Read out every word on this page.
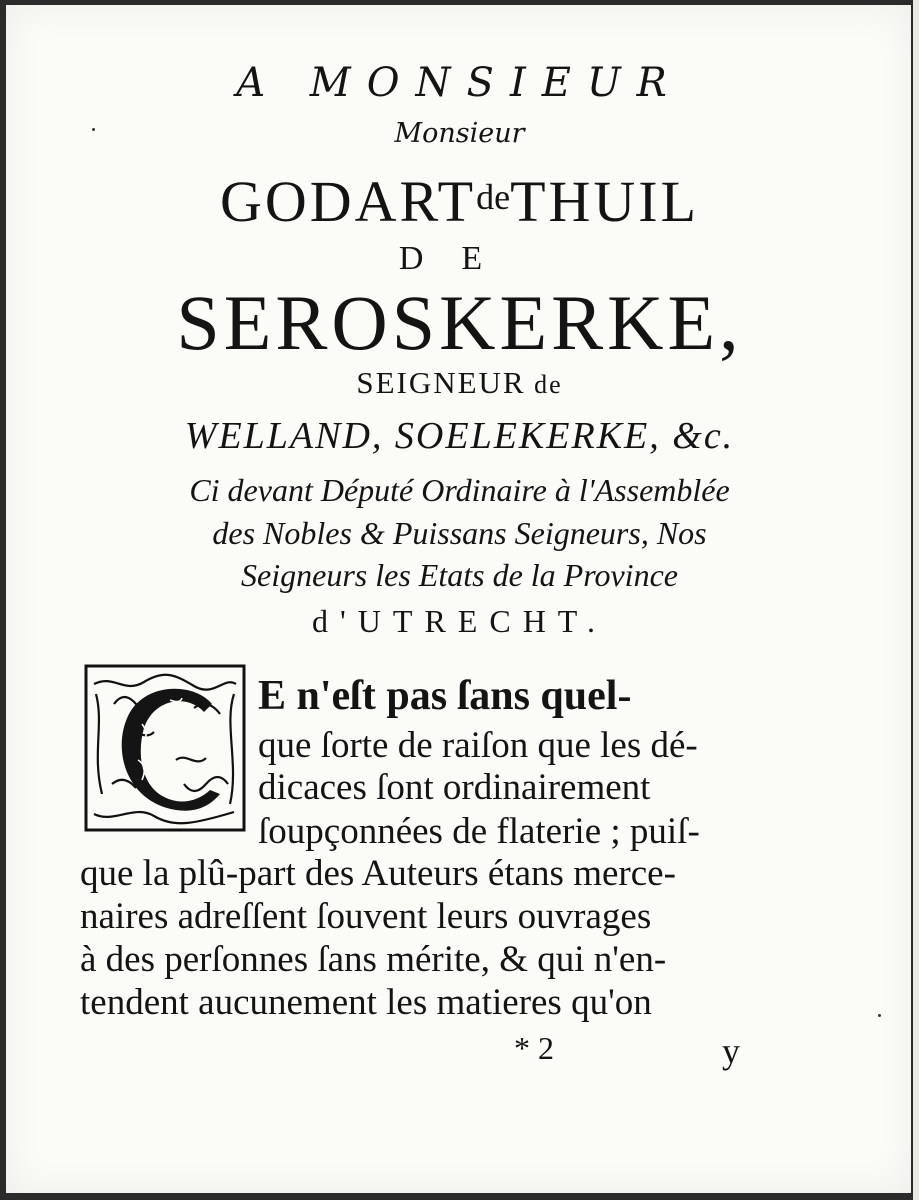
A MONSIEUR
Monsieur
$GODART^{de}THUIL$
DE
SEROSKERKE,
SEIGNEUR de
WELLAND, SOELEKERKE, &c.
Ci devant Député Ordinaire à l'Assemblée
des Nobles & Puissans Seigneurs, Nos
Seigneurs les Etats de la Province
d'UTRECHT.
E n'eſt pas ſans quel-
que ſorte de raiſon que les dé-
dicaces ſont ordinairement
ſoupçonnées de flaterie ; puiſ-
que la plû-part des Auteurs étans merce-
naires adreſſent ſouvent leurs ouvrages
à des perſonnes ſans mérite, & qui n'en-
tendent aucunement les matieres qu'on
* 2	y
